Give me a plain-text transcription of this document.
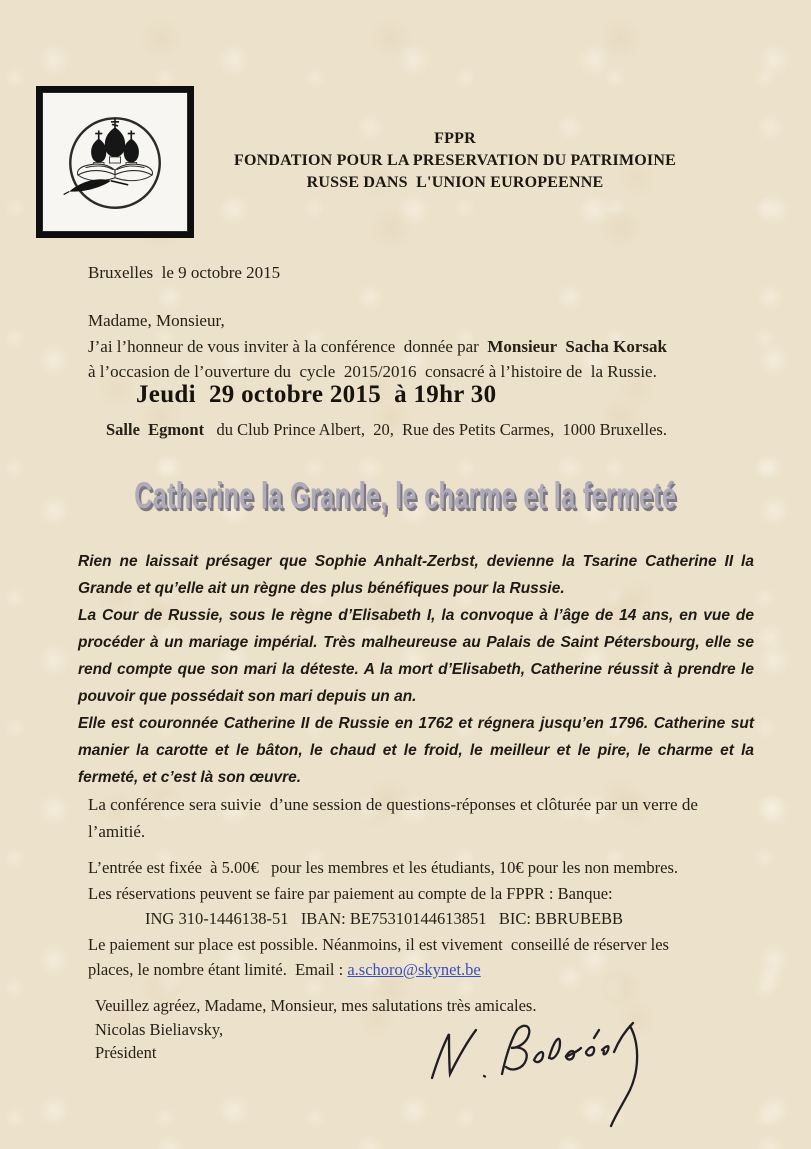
FPPR
FONDATION POUR LA PRESERVATION DU PATRIMOINE
RUSSE DANS  L'UNION EUROPEENNE
Bruxelles  le 9 octobre 2015
Madame, Monsieur,
J’ai l’honneur de vous inviter à la conférence  donnée par  Monsieur  Sacha Korsak
à l’occasion de l’ouverture du  cycle  2015/2016  consacré à l’histoire de  la Russie.
Jeudi  29 octobre 2015  à 19hr 30
Salle  Egmont   du Club Prince Albert,  20,  Rue des Petits Carmes,  1000 Bruxelles.
Catherine la Grande, le charme et la fermeté

Rien ne laissait présager que Sophie Anhalt-Zerbst, devienne la Tsarine Catherine II la Grande et qu’elle ait un règne des plus bénéfiques pour la Russie.

La Cour de Russie, sous le règne d’Elisabeth I, la convoque à l’âge de 14 ans, en vue de procéder à un mariage impérial. Très malheureuse au Palais de Saint Pétersbourg, elle se rend compte que son mari la déteste. A la mort d’Elisabeth, Catherine réussit à prendre le pouvoir que possédait son mari depuis un an.

Elle est couronnée Catherine II de Russie en 1762 et régnera jusqu’en 1796. Catherine sut manier la carotte et le bâton, le chaud et le froid, le meilleur et le pire, le charme et la fermeté, et c’est là son œuvre.

La conférence sera suivie  d’une session de questions-réponses et clôturée par un verre de
l’amitié.
L’entrée est fixée  à 5.00€   pour les membres et les étudiants, 10€ pour les non membres.
Les réservations peuvent se faire par paiement au compte de la FPPR : Banque:
ING 310-1446138-51   IBAN: BE75310144613851   BIC: BBRUBEBB
Le paiement sur place est possible. Néanmoins, il est vivement  conseillé de réserver les
places, le nombre étant limité.  Email : a.schoro@skynet.be
Veuillez agréez, Madame, Monsieur, mes salutations très amicales.
Nicolas Bieliavsky,
Président
